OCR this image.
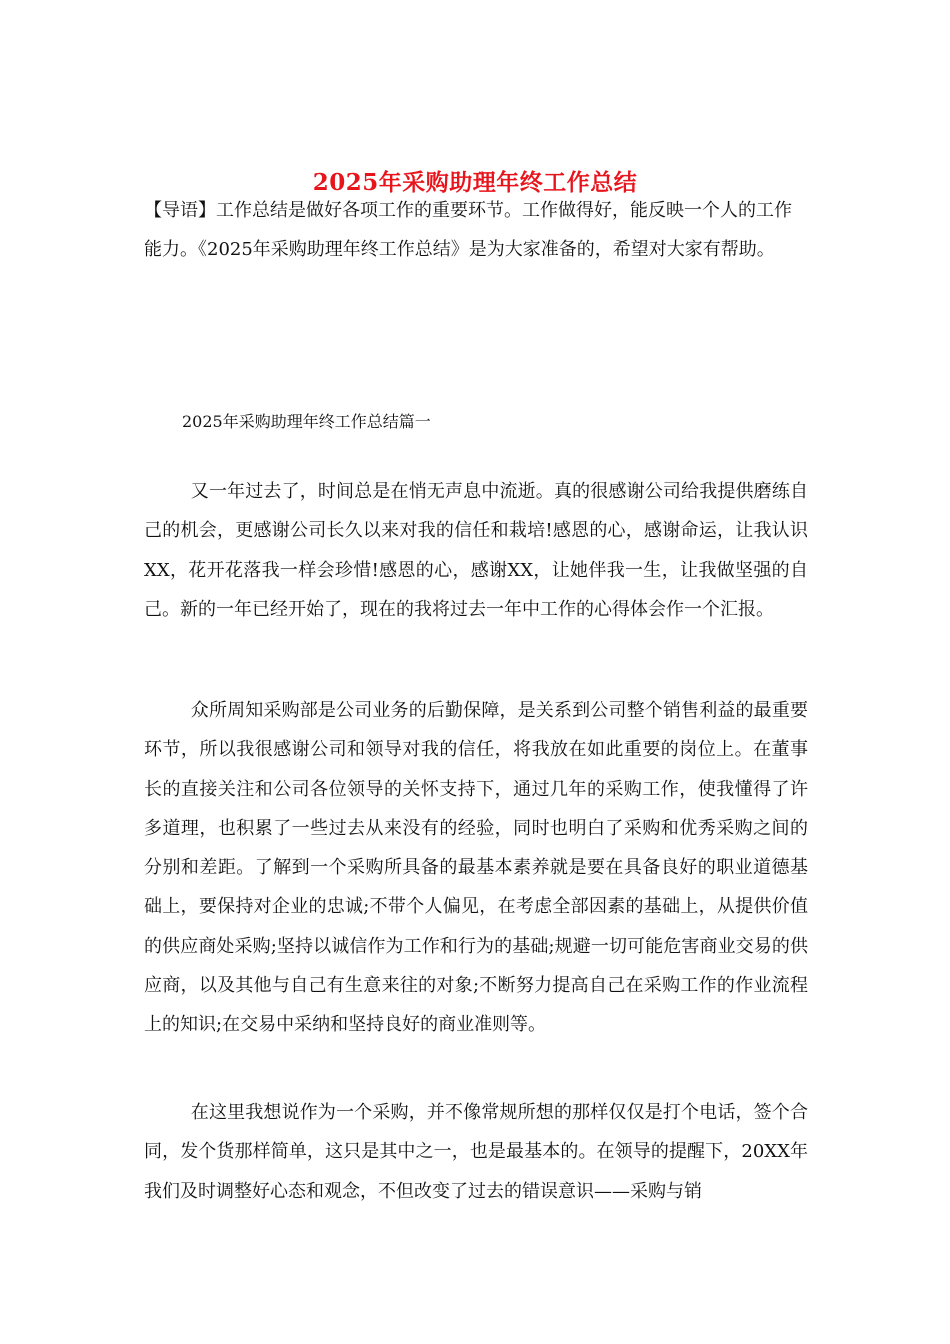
2025年采购助理年终工作总结

【导语】工作总结是做好各项工作的重要环节。工作做得好，能反映一个人的工作能力。《2025年采购助理年终工作总结》是为大家准备的，希望对大家有帮助。

2025年采购助理年终工作总结篇一

又一年过去了，时间总是在悄无声息中流逝。真的很感谢公司给我提供磨练自己的机会，更感谢公司长久以来对我的信任和栽培!感恩的心，感谢命运，让我认识XX，花开花落我一样会珍惜!感恩的心，感谢XX，让她伴我一生，让我做坚强的自己。新的一年已经开始了，现在的我将过去一年中工作的心得体会作一个汇报。

众所周知采购部是公司业务的后勤保障，是关系到公司整个销售利益的最重要环节，所以我很感谢公司和领导对我的信任，将我放在如此重要的岗位上。在董事长的直接关注和公司各位领导的关怀支持下，通过几年的采购工作，使我懂得了许多道理，也积累了一些过去从来没有的经验，同时也明白了采购和优秀采购之间的分别和差距。了解到一个采购所具备的最基本素养就是要在具备良好的职业道德基础上，要保持对企业的忠诚;不带个人偏见，在考虑全部因素的基础上，从提供价值的供应商处采购;坚持以诚信作为工作和行为的基础;规避一切可能危害商业交易的供应商，以及其他与自己有生意来往的对象;不断努力提高自己在采购工作的作业流程上的知识;在交易中采纳和坚持良好的商业准则等。

在这里我想说作为一个采购，并不像常规所想的那样仅仅是打个电话，签个合同，发个货那样简单，这只是其中之一，也是最基本的。在领导的提醒下，20XX年我们及时调整好心态和观念，不但改变了过去的错误意识——采购与销
